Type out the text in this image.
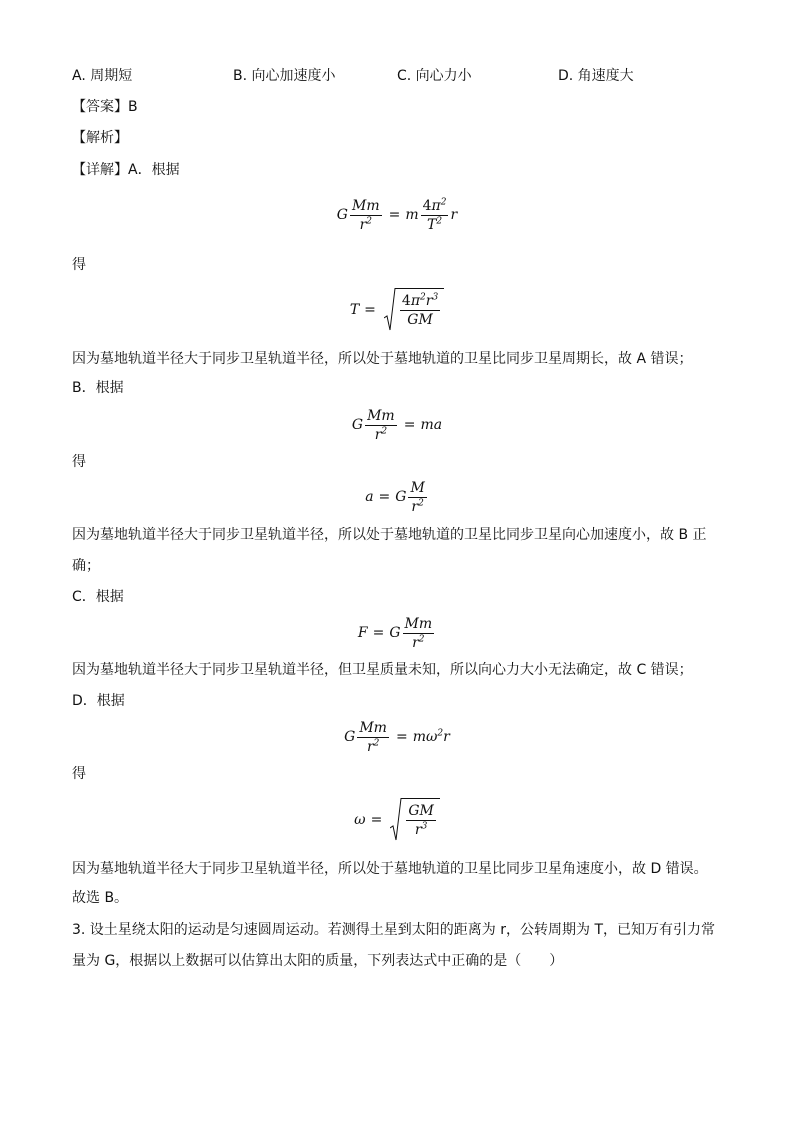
A. 周期短	B. 向心加速度小	C. 向心力小	D. 角速度大
【答案】B
【解析】
【详解】A．根据
G $\frac{Mm}{r^2} = m \frac{4\pi^2}{T^2}$ r
得
$T = \frac{4\pi^2r^3}{GM}$
因为墓地轨道半径大于同步卫星轨道半径，所以处于墓地轨道的卫星比同步卫星周期长，故 A 错误；
B．根据
G $\frac{Mm}{r^2}$ = ma
得
a = G $\frac{M}{r^2}$
因为墓地轨道半径大于同步卫星轨道半径，所以处于墓地轨道的卫星比同步卫星向心加速度小，故 B 正
确；
C．根据
F = G $\frac{Mm}{r^2}$
因为墓地轨道半径大于同步卫星轨道半径，但卫星质量未知，所以向心力大小无法确定，故 C 错误；
D．根据
G $\frac{Mm}{r^2} = m\omega^2r$
得
$\omega = \frac{GM}{r^3}$
因为墓地轨道半径大于同步卫星轨道半径，所以处于墓地轨道的卫星比同步卫星角速度小，故 D 错误。
故选 B。
3. 设土星绕太阳的运动是匀速圆周运动。若测得土星到太阳的距离为 r，公转周期为 T，已知万有引力常
量为 G，根据以上数据可以估算出太阳的质量，下列表达式中正确的是（　　）
